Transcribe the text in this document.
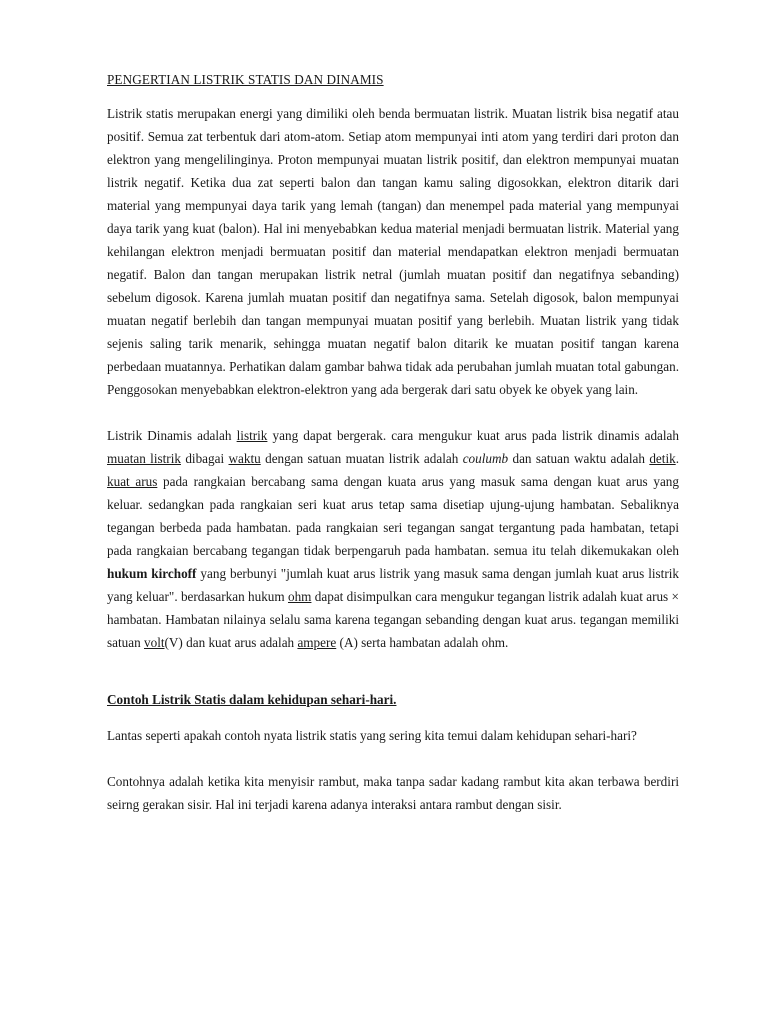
PENGERTIAN LISTRIK STATIS DAN DINAMIS

Listrik statis merupakan energi yang dimiliki oleh benda bermuatan listrik. Muatan listrik bisa negatif atau positif. Semua zat terbentuk dari atom-atom. Setiap atom mempunyai inti atom yang terdiri dari proton dan elektron yang mengelilinginya. Proton mempunyai muatan listrik positif, dan elektron mempunyai muatan listrik negatif. Ketika dua zat seperti balon dan tangan kamu saling digosokkan, elektron ditarik dari material yang mempunyai daya tarik yang lemah (tangan) dan menempel pada material yang mempunyai daya tarik yang kuat (balon). Hal ini menyebabkan kedua material menjadi bermuatan listrik. Material yang kehilangan elektron menjadi bermuatan positif dan material mendapatkan elektron menjadi bermuatan negatif. Balon dan tangan merupakan listrik netral (jumlah muatan positif dan negatifnya sebanding) sebelum digosok. Karena jumlah muatan positif dan negatifnya sama. Setelah digosok, balon mempunyai muatan negatif berlebih dan tangan mempunyai muatan positif yang berlebih. Muatan listrik yang tidak sejenis saling tarik menarik, sehingga muatan negatif balon ditarik ke muatan positif tangan karena perbedaan muatannya. Perhatikan dalam gambar bahwa tidak ada perubahan jumlah muatan total gabungan. Penggosokan menyebabkan elektron-elektron yang ada bergerak dari satu obyek ke obyek yang lain.

Listrik Dinamis adalah listrik yang dapat bergerak. cara mengukur kuat arus pada listrik dinamis adalah muatan listrik dibagai waktu dengan satuan muatan listrik adalah coulumb dan satuan waktu adalah detik. kuat arus pada rangkaian bercabang sama dengan kuata arus yang masuk sama dengan kuat arus yang keluar. sedangkan pada rangkaian seri kuat arus tetap sama disetiap ujung-ujung hambatan. Sebaliknya tegangan berbeda pada hambatan. pada rangkaian seri tegangan sangat tergantung pada hambatan, tetapi pada rangkaian bercabang tegangan tidak berpengaruh pada hambatan. semua itu telah dikemukakan oleh hukum kirchoff yang berbunyi "jumlah kuat arus listrik yang masuk sama dengan jumlah kuat arus listrik yang keluar". berdasarkan hukum ohm dapat disimpulkan cara mengukur tegangan listrik adalah kuat arus × hambatan. Hambatan nilainya selalu sama karena tegangan sebanding dengan kuat arus. tegangan memiliki satuan volt(V) dan kuat arus adalah ampere (A) serta hambatan adalah ohm.

Contoh Listrik Statis dalam kehidupan sehari-hari.

Lantas seperti apakah contoh nyata listrik statis yang sering kita temui dalam kehidupan sehari-hari?

Contohnya adalah ketika kita menyisir rambut, maka tanpa sadar kadang rambut kita akan terbawa berdiri seirng gerakan sisir. Hal ini terjadi karena adanya interaksi antara rambut dengan sisir.
